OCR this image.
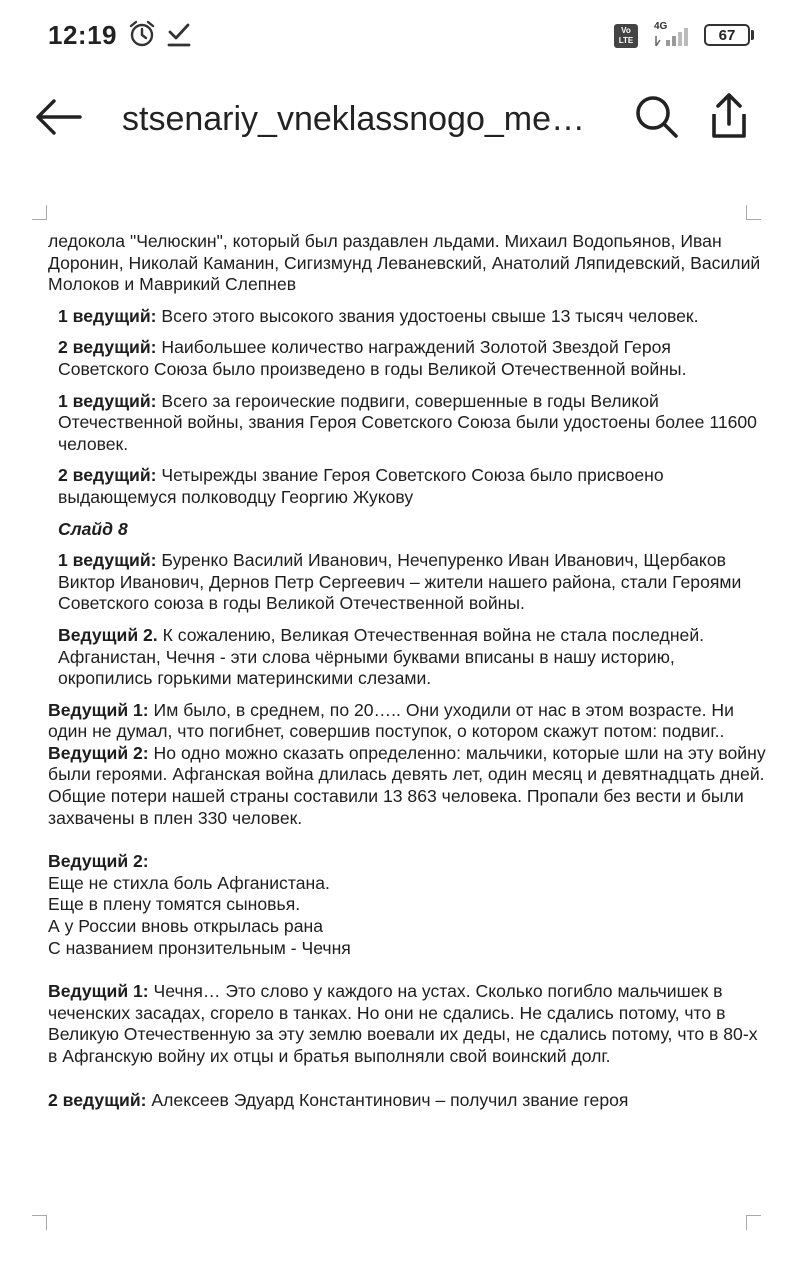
12:19	Vo LTE
4G
67
stsenariy_vneklassnogo_me…

ледокола "Челюскин", который был раздавлен льдами. Михаил Водопьянов, Иван Доронин, Николай Каманин, Сигизмунд Леваневский, Анатолий Ляпидевский, Василий Молоков и Маврикий Слепнев

1 ведущий: Всего этого высокого звания удостоены свыше 13 тысяч человек.

2 ведущий: Наибольшее количество награждений Золотой Звездой Героя Советского Союза было произведено в годы Великой Отечественной войны.

1 ведущий: Всего за героические подвиги, совершенные в годы Великой Отечественной войны, звания Героя Советского Союза были удостоены более 11600 человек.

2 ведущий: Четырежды звание Героя Советского Союза было присвоено выдающемуся полководцу Георгию Жукову

Слайд 8

1 ведущий: Буренко Василий Иванович, Нечепуренко Иван Иванович, Щербаков Виктор Иванович, Дернов Петр Сергеевич – жители нашего района, стали Героями Советского союза в годы Великой Отечественной войны.

Ведущий 2. К сожалению, Великая Отечественная война не стала последней. Афганистан, Чечня - эти слова чёрными буквами вписаны в нашу историю, окропились горькими материнскими слезами.

Ведущий 1: Им было, в среднем, по 20….. Они уходили от нас в этом возрасте. Ни один не думал, что погибнет, совершив поступок, о котором скажут потом: подвиг..

Ведущий 2: Но одно можно сказать определенно: мальчики, которые шли на эту войну были героями. Афганская война длилась девять лет, один месяц и девятнадцать дней. Общие потери нашей страны составили 13 863 человека. Пропали без вести и были захвачены в плен 330 человек.

Ведущий 2:

Еще не стихла боль Афганистана.

Еще в плену томятся сыновья.

А у России вновь открылась рана

С названием пронзительным - Чечня

Ведущий 1: Чечня… Это слово у каждого на устах. Сколько погибло мальчишек в чеченских засадах, сгорело в танках. Но они не сдались. Не сдались потому, что в Великую Отечественную за эту землю воевали их деды, не сдались потому, что в 80-х в Афганскую войну их отцы и братья выполняли свой воинский долг.

2 ведущий: Алексеев Эдуард Константинович – получил звание героя
